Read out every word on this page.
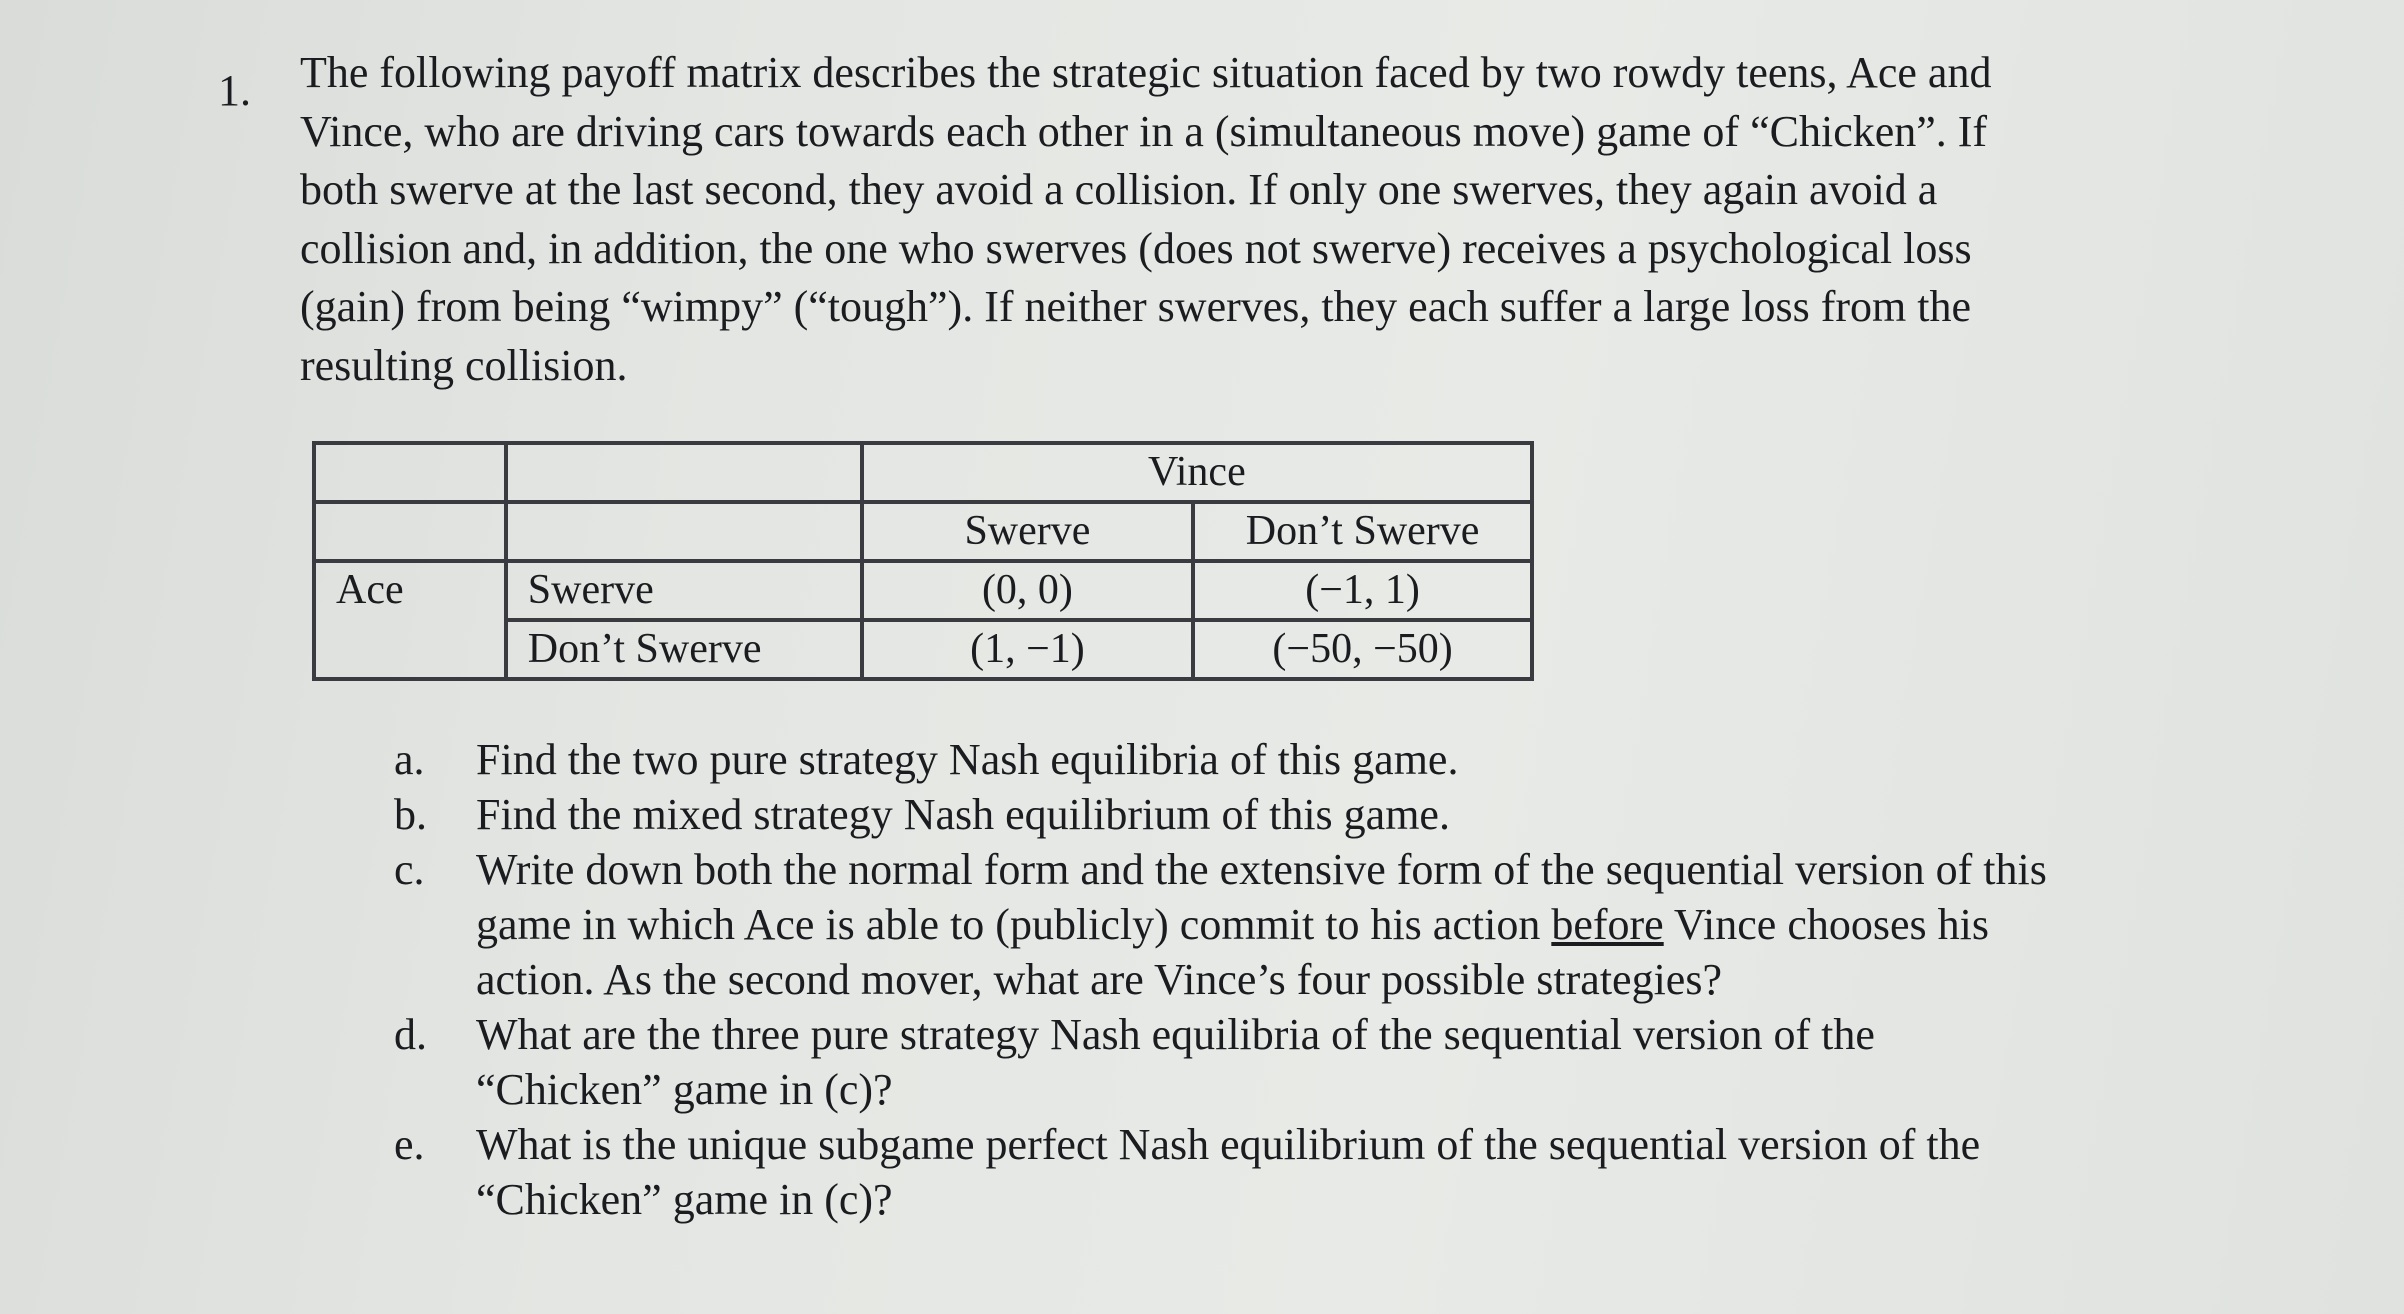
1. The following payoff matrix describes the strategic situation faced by two rowdy teens, Ace and
Vince, who are driving cars towards each other in a (simultaneous move) game of “Chicken”. If
both swerve at the last second, they avoid a collision. If only one swerves, they again avoid a
collision and, in addition, the one who swerves (does not swerve) receives a psychological loss
(gain) from being “wimpy” (“tough”). If neither swerves, they each suffer a large loss from the
resulting collision.
		Vince	
		Swerve	Don’t Swerve
Ace	Swerve	(0, 0)	(−1, 1)
	Don’t Swerve	(1, −1)	(−50, −50)
a. Find the two pure strategy Nash equilibria of this game.
b. Find the mixed strategy Nash equilibrium of this game.
c. Write down both the normal form and the extensive form of the sequential version of this
game in which Ace is able to (publicly) commit to his action before Vince chooses his
action. As the second mover, what are Vince’s four possible strategies?
d. What are the three pure strategy Nash equilibria of the sequential version of the
“Chicken” game in (c)?
e. What is the unique subgame perfect Nash equilibrium of the sequential version of the
“Chicken” game in (c)?
